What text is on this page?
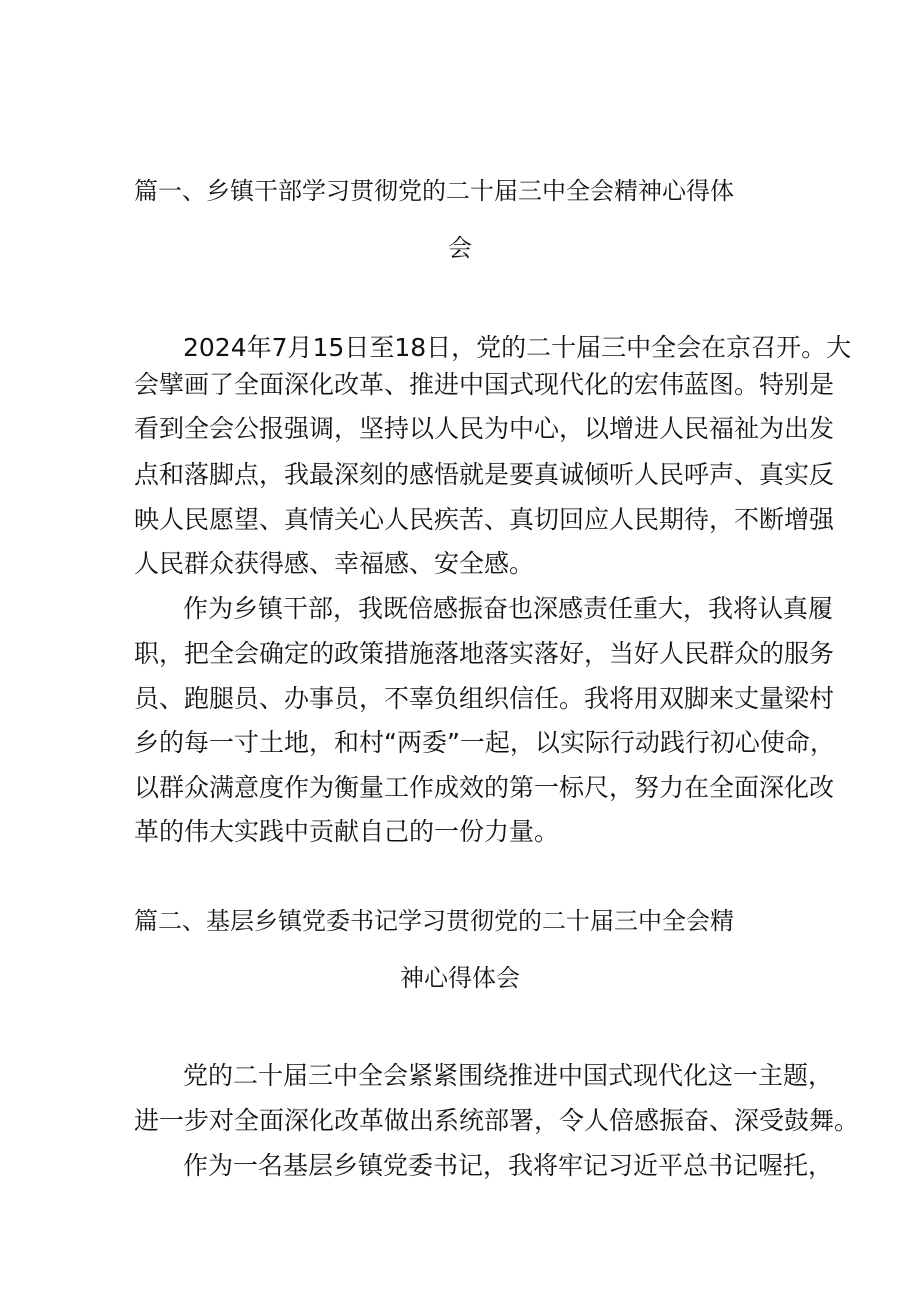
篇一、乡镇干部学习贯彻党的二十届三中全会精神心得体
会
2024年7月15日至18日，党的二十届三中全会在京召开。大
会擘画了全面深化改革、推进中国式现代化的宏伟蓝图。特别是
看到全会公报强调，坚持以人民为中心，以增进人民福祉为出发
点和落脚点，我最深刻的感悟就是要真诚倾听人民呼声、真实反
映人民愿望、真情关心人民疾苦、真切回应人民期待，不断增强
人民群众获得感、幸福感、安全感。
作为乡镇干部，我既倍感振奋也深感责任重大，我将认真履
职，把全会确定的政策措施落地落实落好，当好人民群众的服务
员、跑腿员、办事员，不辜负组织信任。我将用双脚来丈量梁村
乡的每一寸土地，和村“两委”一起，以实际行动践行初心使命，
以群众满意度作为衡量工作成效的第一标尺，努力在全面深化改
革的伟大实践中贡献自己的一份力量。
篇二、基层乡镇党委书记学习贯彻党的二十届三中全会精
神心得体会
党的二十届三中全会紧紧围绕推进中国式现代化这一主题，
进一步对全面深化改革做出系统部署，令人倍感振奋、深受鼓舞。
作为一名基层乡镇党委书记，我将牢记习近平总书记喔托，
